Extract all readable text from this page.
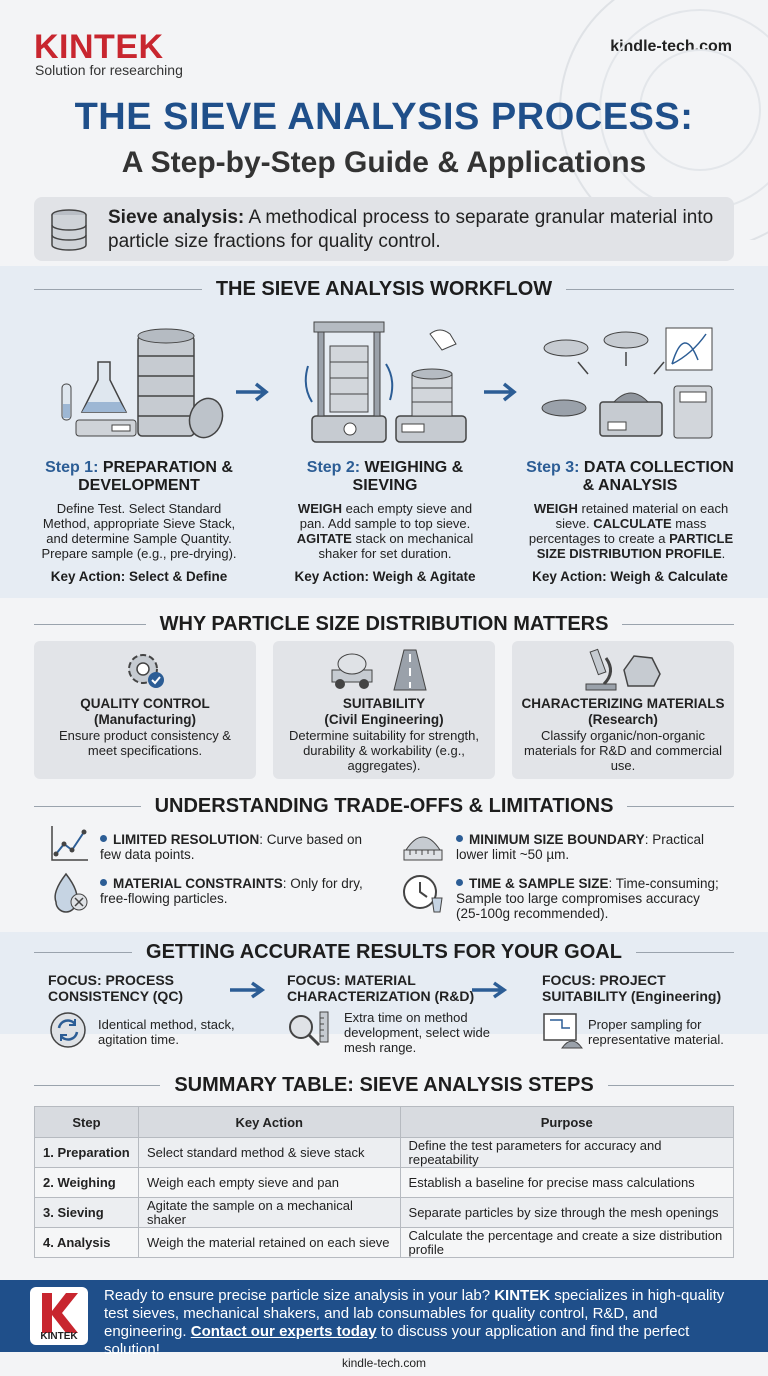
KINTEK
Solution for researching
kindle-tech.com
THE SIEVE ANALYSIS PROCESS:
A Step-by-Step Guide & Applications
Sieve analysis: A methodical process to separate granular material into particle size fractions for quality control.
THE SIEVE ANALYSIS WORKFLOW
Step 1: PREPARATION &
DEVELOPMENT
Define Test. Select Standard Method, appropriate Sieve Stack, and determine Sample Quantity. Prepare sample (e.g., pre-drying).
Key Action: Select & Define
Step 2: WEIGHING &
SIEVING
WEIGH each empty sieve and pan. Add sample to top sieve. AGITATE stack on mechanical shaker for set duration.
Key Action: Weigh & Agitate
Step 3: DATA COLLECTION
& ANALYSIS
WEIGH retained material on each sieve. CALCULATE mass percentages to create a PARTICLE SIZE DISTRIBUTION PROFILE.
Key Action: Weigh & Calculate
WHY PARTICLE SIZE DISTRIBUTION MATTERS
QUALITY CONTROL
(Manufacturing)
Ensure product consistency & meet specifications.
SUITABILITY
(Civil Engineering)
Determine suitability for strength, durability & workability (e.g., aggregates).
CHARACTERIZING MATERIALS
(Research)
Classify organic/non-organic materials for R&D and commercial use.
UNDERSTANDING TRADE-OFFS & LIMITATIONS
LIMITED RESOLUTION: Curve based on few data points.
MINIMUM SIZE BOUNDARY: Practical lower limit ~50 µm.
MATERIAL CONSTRAINTS: Only for dry, free-flowing particles.
TIME & SAMPLE SIZE: Time-consuming; Sample too large compromises accuracy (25-100g recommended).
GETTING ACCURATE RESULTS FOR YOUR GOAL
FOCUS: PROCESS
CONSISTENCY (QC)
Identical method, stack, agitation time.
FOCUS: MATERIAL
CHARACTERIZATION (R&D)
Extra time on method development, select wide mesh range.
FOCUS: PROJECT
SUITABILITY (Engineering)
Proper sampling for representative material.
SUMMARY TABLE: SIEVE ANALYSIS STEPS
Step	Key Action	Purpose
1. Preparation	Select standard method & sieve stack	Define the test parameters for accuracy and repeatability
2. Weighing	Weigh each empty sieve and pan	Establish a baseline for precise mass calculations
3. Sieving	Agitate the sample on a mechanical shaker	Separate particles by size through the mesh openings
4. Analysis	Weigh the material retained on each sieve	Calculate the percentage and create a size distribution profile
KINTEK
Ready to ensure precise particle size analysis in your lab? KINTEK specializes in high-quality test sieves, mechanical shakers, and lab consumables for quality control, R&D, and engineering. Contact our experts today to discuss your application and find the perfect solution!
kindle-tech.com
